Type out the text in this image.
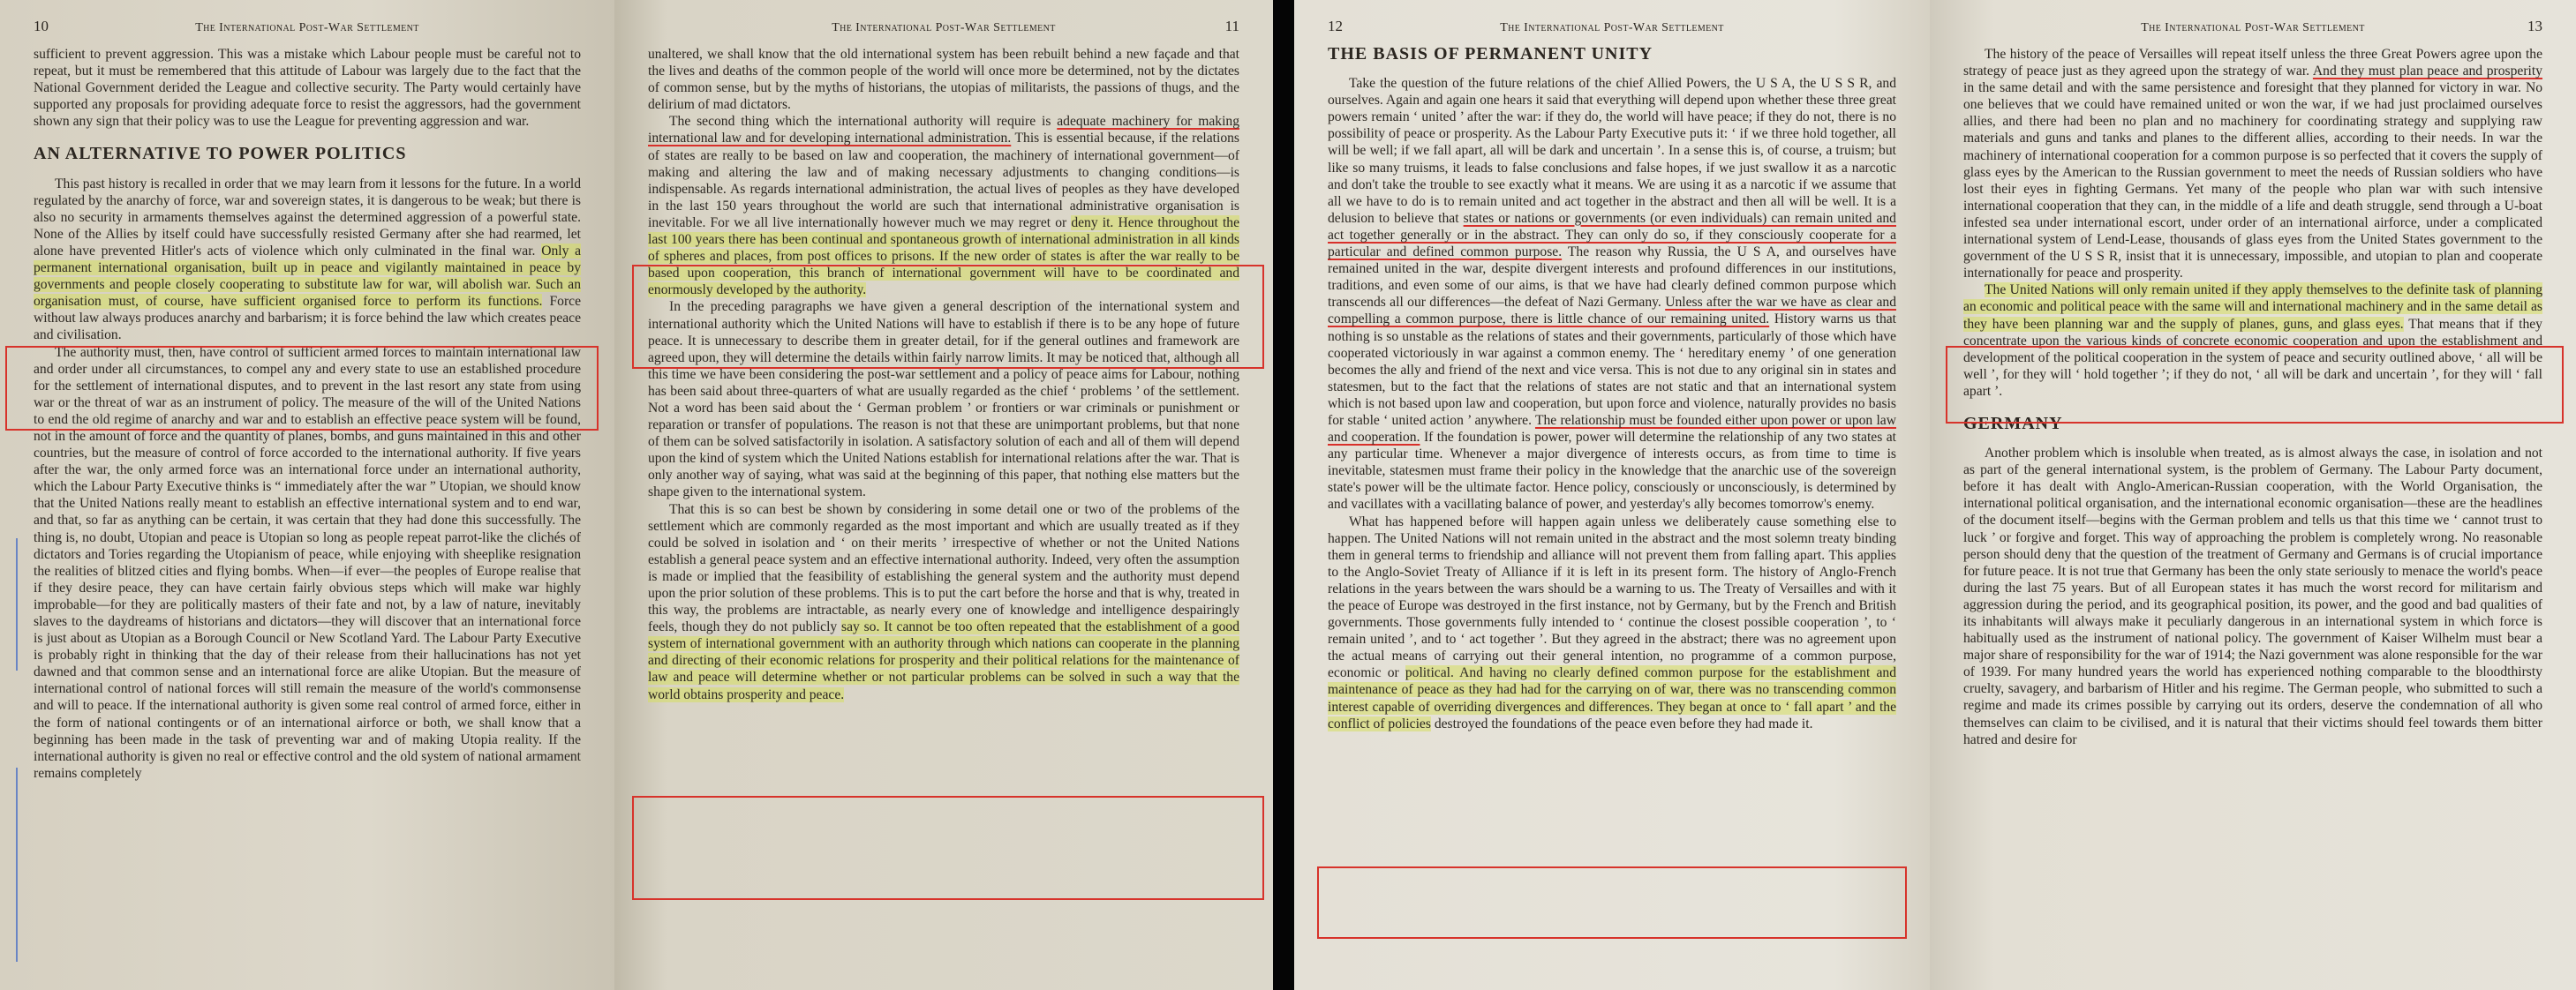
10	The International Post-War Settlement

sufficient to prevent aggression. This was a mistake which Labour people must be careful not to repeat, but it must be remembered that this attitude of Labour was largely due to the fact that the National Government derided the League and collective security. The Party would certainly have supported any proposals for providing adequate force to resist the aggressors, had the government shown any sign that their policy was to use the League for preventing aggression and war.

AN ALTERNATIVE TO POWER POLITICS

This past history is recalled in order that we may learn from it lessons for the future. In a world regulated by the anarchy of force, war and sovereign states, it is dangerous to be weak; but there is also no security in armaments themselves against the determined aggression of a powerful state. None of the Allies by itself could have successfully resisted Germany after she had rearmed, let alone have prevented Hitler's acts of violence which only culminated in the final war. Only a permanent international organisation, built up in peace and vigilantly maintained in peace by governments and people closely cooperating to substitute law for war, will abolish war. Such an organisation must, of course, have sufficient organised force to perform its functions. Force without law always produces anarchy and barbarism; it is force behind the law which creates peace and civilisation.

The authority must, then, have control of sufficient armed forces to maintain international law and order under all circumstances, to compel any and every state to use an established procedure for the settlement of international disputes, and to prevent in the last resort any state from using war or the threat of war as an instrument of policy. The measure of the will of the United Nations to end the old regime of anarchy and war and to establish an effective peace system will be found, not in the amount of force and the quantity of planes, bombs, and guns maintained in this and other countries, but the measure of control of force accorded to the international authority. If five years after the war, the only armed force was an international force under an international authority, which the Labour Party Executive thinks is “ immediately after the war ” Utopian, we should know that the United Nations really meant to establish an effective international system and to end war, and that, so far as anything can be certain, it was certain that they had done this successfully. The thing is, no doubt, Utopian and peace is Utopian so long as people repeat parrot-like the clichés of dictators and Tories regarding the Utopianism of peace, while enjoying with sheeplike resignation the realities of blitzed cities and flying bombs. When—if ever—the peoples of Europe realise that if they desire peace, they can have certain fairly obvious steps which will make war highly improbable—for they are politically masters of their fate and not, by a law of nature, inevitably slaves to the daydreams of historians and dictators—they will discover that an international force is just about as Utopian as a Borough Council or New Scotland Yard. The Labour Party Executive is probably right in thinking that the day of their release from their hallucinations has not yet dawned and that common sense and an international force are alike Utopian. But the measure of international control of national forces will still remain the measure of the world's commonsense and will to peace. If the international authority is given some real control of armed force, either in the form of national contingents or of an international airforce or both, we shall know that a beginning has been made in the task of preventing war and of making Utopia reality. If the international authority is given no real or effective control and the old system of national armament remains completely

The International Post-War Settlement	11

unaltered, we shall know that the old international system has been rebuilt behind a new façade and that the lives and deaths of the common people of the world will once more be determined, not by the dictates of common sense, but by the myths of historians, the utopias of militarists, the passions of thugs, and the delirium of mad dictators.

The second thing which the international authority will require is adequate machinery for making international law and for developing international administration. This is essential because, if the relations of states are really to be based on law and cooperation, the machinery of international government—of making and altering the law and of making necessary adjustments to changing conditions—is indispensable. As regards international administration, the actual lives of peoples as they have developed in the last 150 years throughout the world are such that international administrative organisation is inevitable. For we all live internationally however much we may regret or deny it. Hence throughout the last 100 years there has been continual and spontaneous growth of international administration in all kinds of spheres and places, from post offices to prisons. If the new order of states is after the war really to be based upon cooperation, this branch of international government will have to be coordinated and enormously developed by the authority.

In the preceding paragraphs we have given a general description of the international system and international authority which the United Nations will have to establish if there is to be any hope of future peace. It is unnecessary to describe them in greater detail, for if the general outlines and framework are agreed upon, they will determine the details within fairly narrow limits. It may be noticed that, although all this time we have been considering the post-war settlement and a policy of peace aims for Labour, nothing has been said about three-quarters of what are usually regarded as the chief ‘ problems ’ of the settlement. Not a word has been said about the ‘ German problem ’ or frontiers or war criminals or punishment or reparation or transfer of populations. The reason is not that these are unimportant problems, but that none of them can be solved satisfactorily in isolation. A satisfactory solution of each and all of them will depend upon the kind of system which the United Nations establish for international relations after the war. That is only another way of saying, what was said at the beginning of this paper, that nothing else matters but the shape given to the international system.

That this is so can best be shown by considering in some detail one or two of the problems of the settlement which are commonly regarded as the most important and which are usually treated as if they could be solved in isolation and ‘ on their merits ’ irrespective of whether or not the United Nations establish a general peace system and an effective international authority. Indeed, very often the assumption is made or implied that the feasibility of establishing the general system and the authority must depend upon the prior solution of these problems. This is to put the cart before the horse and that is why, treated in this way, the problems are intractable, as nearly every one of knowledge and intelligence despairingly feels, though they do not publicly say so. It cannot be too often repeated that the establishment of a good system of international government with an authority through which nations can cooperate in the planning and directing of their economic relations for prosperity and their political relations for the maintenance of law and peace will determine whether or not particular problems can be solved in such a way that the world obtains prosperity and peace.

12	The International Post-War Settlement
THE BASIS OF PERMANENT UNITY

Take the question of the future relations of the chief Allied Powers, the U S A, the U S S R, and ourselves. Again and again one hears it said that everything will depend upon whether these three great powers remain ‘ united ’ after the war: if they do, the world will have peace; if they do not, there is no possibility of peace or prosperity. As the Labour Party Executive puts it: ‘ if we three hold together, all will be well; if we fall apart, all will be dark and uncertain ’. In a sense this is, of course, a truism; but like so many truisms, it leads to false conclusions and false hopes, if we just swallow it as a narcotic and don't take the trouble to see exactly what it means. We are using it as a narcotic if we assume that all we have to do is to remain united and act together in the abstract and then all will be well. It is a delusion to believe that states or nations or governments (or even individuals) can remain united and act together generally or in the abstract. They can only do so, if they consciously cooperate for a particular and defined common purpose. The reason why Russia, the U S A, and ourselves have remained united in the war, despite divergent interests and profound differences in our institutions, traditions, and even some of our aims, is that we have had clearly defined common purpose which transcends all our differences—the defeat of Nazi Germany. Unless after the war we have as clear and compelling a common purpose, there is little chance of our remaining united. History warns us that nothing is so unstable as the relations of states and their governments, particularly of those which have cooperated victoriously in war against a common enemy. The ‘ hereditary enemy ’ of one generation becomes the ally and friend of the next and vice versa. This is not due to any original sin in states and statesmen, but to the fact that the relations of states are not static and that an international system which is not based upon law and cooperation, but upon force and violence, naturally provides no basis for stable ‘ united action ’ anywhere. The relationship must be founded either upon power or upon law and cooperation. If the foundation is power, power will determine the relationship of any two states at any particular time. Whenever a major divergence of interests occurs, as from time to time is inevitable, statesmen must frame their policy in the knowledge that the anarchic use of the sovereign state's power will be the ultimate factor. Hence policy, consciously or unconsciously, is determined by and vacillates with a vacillating balance of power, and yesterday's ally becomes tomorrow's enemy.

What has happened before will happen again unless we deliberately cause something else to happen. The United Nations will not remain united in the abstract and the most solemn treaty binding them in general terms to friendship and alliance will not prevent them from falling apart. This applies to the Anglo-Soviet Treaty of Alliance if it is left in its present form. The history of Anglo-French relations in the years between the wars should be a warning to us. The Treaty of Versailles and with it the peace of Europe was destroyed in the first instance, not by Germany, but by the French and British governments. Those governments fully intended to ‘ continue the closest possible cooperation ’, to ‘ remain united ’, and to ‘ act together ’. But they agreed in the abstract; there was no agreement upon the actual means of carrying out their general intention, no programme of a common purpose, economic or political. And having no clearly defined common purpose for the establishment and maintenance of peace as they had had for the carrying on of war, there was no transcending common interest capable of overriding divergences and differences. They began at once to ‘ fall apart ’ and the conflict of policies destroyed the foundations of the peace even before they had made it.

The International Post-War Settlement	13

The history of the peace of Versailles will repeat itself unless the three Great Powers agree upon the strategy of peace just as they agreed upon the strategy of war. And they must plan peace and prosperity in the same detail and with the same persistence and foresight that they planned for victory in war. No one believes that we could have remained united or won the war, if we had just proclaimed ourselves allies, and there had been no plan and no machinery for coordinating strategy and supplying raw materials and guns and tanks and planes to the different allies, according to their needs. In war the machinery of international cooperation for a common purpose is so perfected that it covers the supply of glass eyes by the American to the Russian government to meet the needs of Russian soldiers who have lost their eyes in fighting Germans. Yet many of the people who plan war with such intensive international cooperation that they can, in the middle of a life and death struggle, send through a U-boat infested sea under international escort, under order of an international airforce, under a complicated international system of Lend-Lease, thousands of glass eyes from the United States government to the government of the U S S R, insist that it is unnecessary, impossible, and utopian to plan and cooperate internationally for peace and prosperity.

The United Nations will only remain united if they apply themselves to the definite task of planning an economic and political peace with the same will and international machinery and in the same detail as they have been planning war and the supply of planes, guns, and glass eyes. That means that if they concentrate upon the various kinds of concrete economic cooperation and upon the establishment and development of the political cooperation in the system of peace and security outlined above, ‘ all will be well ’, for they will ‘ hold together ’; if they do not, ‘ all will be dark and uncertain ’, for they will ‘ fall apart ’.

GERMANY

Another problem which is insoluble when treated, as is almost always the case, in isolation and not as part of the general international system, is the problem of Germany. The Labour Party document, before it has dealt with Anglo-American-Russian cooperation, with the World Organisation, the international political organisation, and the international economic organisation—these are the headlines of the document itself—begins with the German problem and tells us that this time we ‘ cannot trust to luck ’ or forgive and forget. This way of approaching the problem is completely wrong. No reasonable person should deny that the question of the treatment of Germany and Germans is of crucial importance for future peace. It is not true that Germany has been the only state seriously to menace the world's peace during the last 75 years. But of all European states it has much the worst record for militarism and aggression during the period, and its geographical position, its power, and the good and bad qualities of its inhabitants will always make it peculiarly dangerous in an international system in which force is habitually used as the instrument of national policy. The government of Kaiser Wilhelm must bear a major share of responsibility for the war of 1914; the Nazi government was alone responsible for the war of 1939. For many hundred years the world has experienced nothing comparable to the bloodthirsty cruelty, savagery, and barbarism of Hitler and his regime. The German people, who submitted to such a regime and made its crimes possible by carrying out its orders, deserve the condemnation of all who themselves can claim to be civilised, and it is natural that their victims should feel towards them bitter hatred and desire for
